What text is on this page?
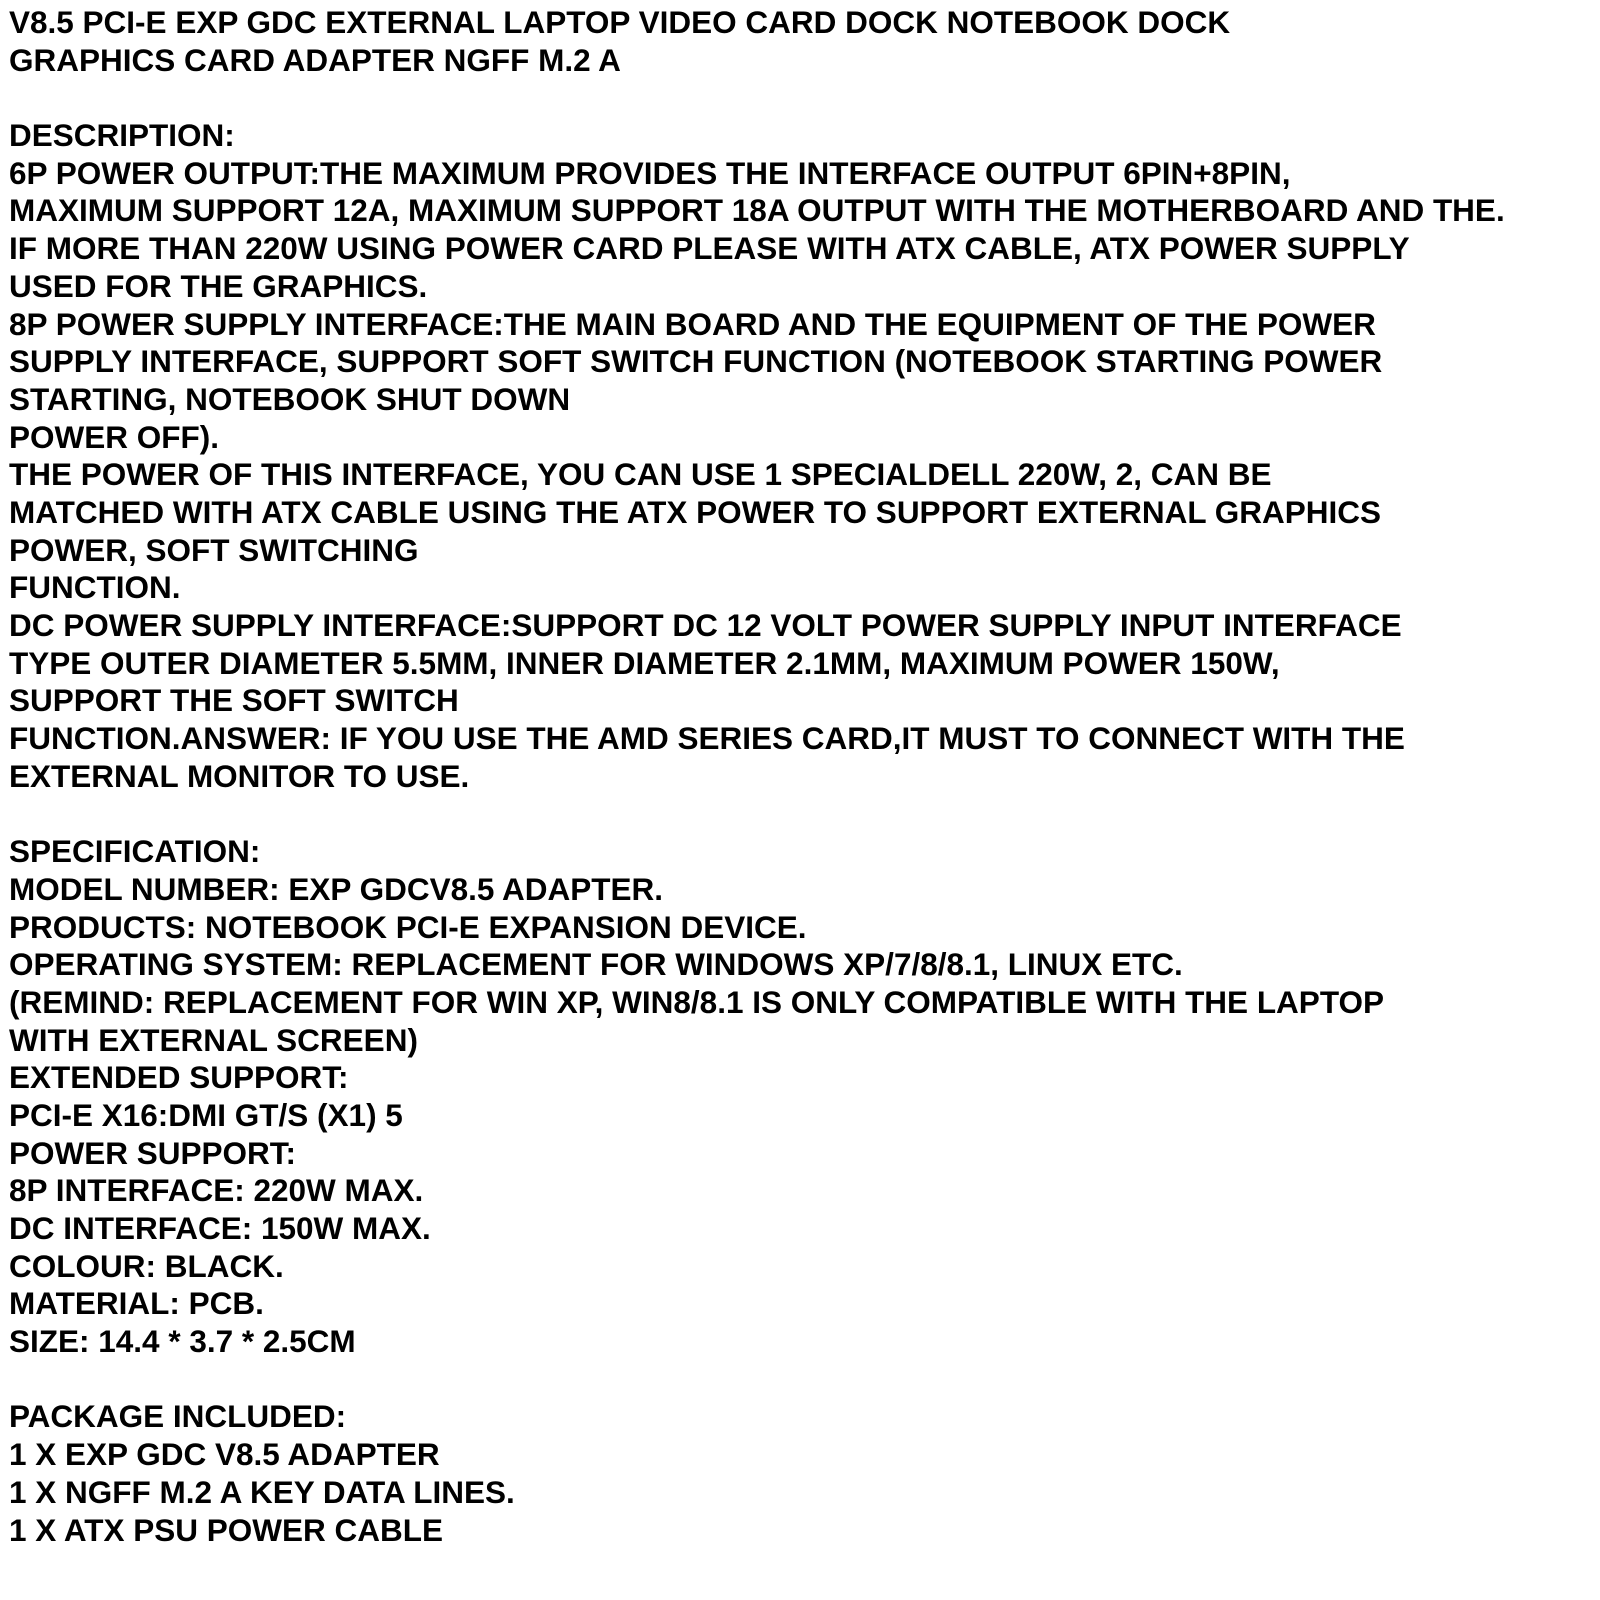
V8.5 PCI-E EXP GDC EXTERNAL LAPTOP VIDEO CARD DOCK NOTEBOOK DOCK
GRAPHICS CARD ADAPTER NGFF M.2 A
DESCRIPTION:
6P POWER OUTPUT:THE MAXIMUM PROVIDES THE INTERFACE OUTPUT 6PIN+8PIN,
MAXIMUM SUPPORT 12A, MAXIMUM SUPPORT 18A OUTPUT WITH THE MOTHERBOARD AND THE.
IF MORE THAN 220W USING POWER CARD PLEASE WITH ATX CABLE, ATX POWER SUPPLY
USED FOR THE GRAPHICS.
8P POWER SUPPLY INTERFACE:THE MAIN BOARD AND THE EQUIPMENT OF THE POWER
SUPPLY INTERFACE, SUPPORT SOFT SWITCH FUNCTION (NOTEBOOK STARTING POWER
STARTING, NOTEBOOK SHUT DOWN
POWER OFF).
THE POWER OF THIS INTERFACE, YOU CAN USE 1 SPECIALDELL 220W, 2, CAN BE
MATCHED WITH ATX CABLE USING THE ATX POWER TO SUPPORT EXTERNAL GRAPHICS
POWER, SOFT SWITCHING
FUNCTION.
DC POWER SUPPLY INTERFACE:SUPPORT DC 12 VOLT POWER SUPPLY INPUT INTERFACE
TYPE OUTER DIAMETER 5.5MM, INNER DIAMETER 2.1MM, MAXIMUM POWER 150W,
SUPPORT THE SOFT SWITCH
FUNCTION.ANSWER: IF YOU USE THE AMD SERIES CARD,IT MUST TO CONNECT WITH THE
EXTERNAL MONITOR TO USE.
SPECIFICATION:
MODEL NUMBER: EXP GDCV8.5 ADAPTER.
PRODUCTS: NOTEBOOK PCI-E EXPANSION DEVICE.
OPERATING SYSTEM: REPLACEMENT FOR WINDOWS XP/7/8/8.1, LINUX ETC.
(REMIND: REPLACEMENT FOR WIN XP, WIN8/8.1 IS ONLY COMPATIBLE WITH THE LAPTOP
WITH EXTERNAL SCREEN)
EXTENDED SUPPORT:
PCI-E X16:DMI GT/S (X1) 5
POWER SUPPORT:
8P INTERFACE: 220W MAX.
DC INTERFACE: 150W MAX.
COLOUR: BLACK.
MATERIAL: PCB.
SIZE: 14.4 * 3.7 * 2.5CM
PACKAGE INCLUDED:
1 X EXP GDC V8.5 ADAPTER
1 X NGFF M.2 A KEY DATA LINES.
1 X ATX PSU POWER CABLE
